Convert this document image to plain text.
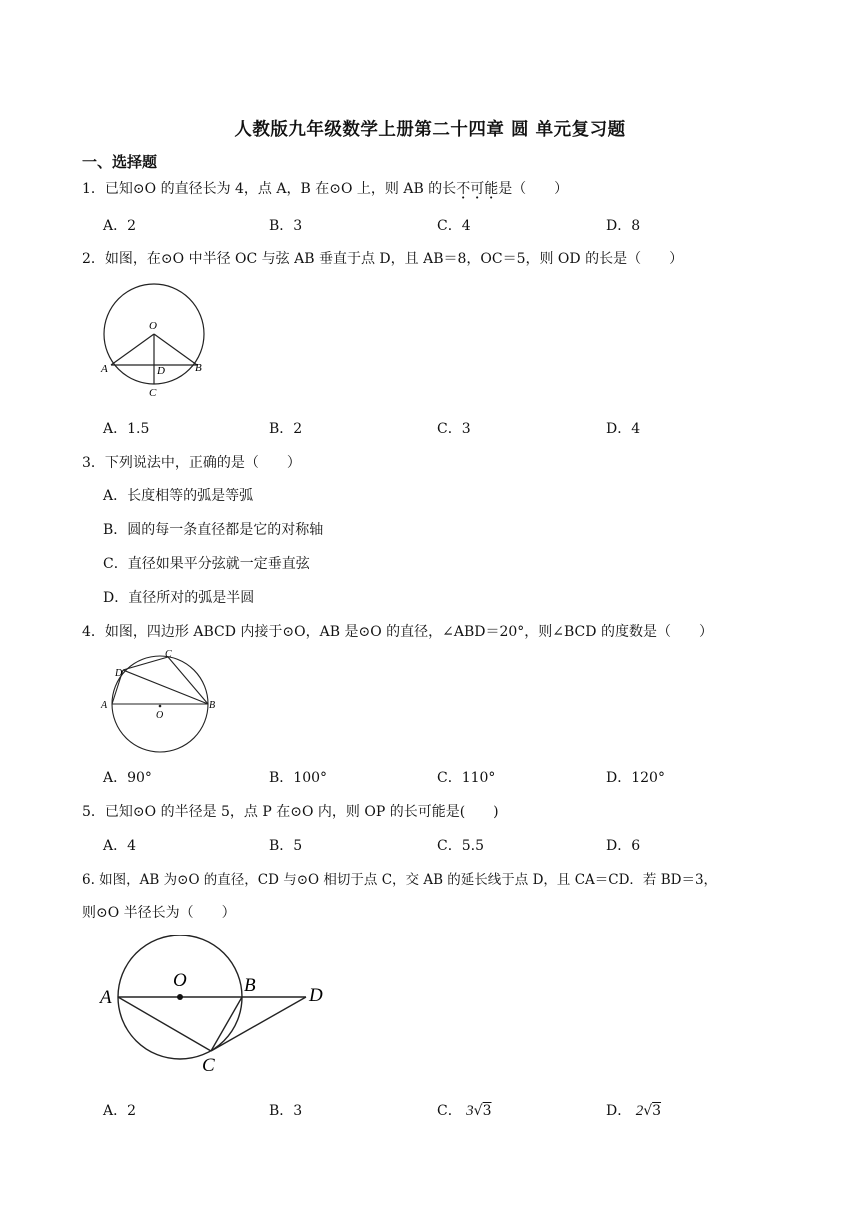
人教版九年级数学上册第二十四章 圆 单元复习题
一、选择题
1．已知⊙O 的直径长为 4，点 A，B 在⊙O 上，则 AB 的长不可能是（　　）
A．2	B．3	C．4	D．8
2．如图，在⊙O 中半径 OC 与弦 AB 垂直于点 D，且 AB＝8，OC＝5，则 OD 的长是（　　）
O
A	D	B
C
A．1.5	B．2	C．3	D．4
3．下列说法中，正确的是（　　）
A．长度相等的弧是等弧
B．圆的每一条直径都是它的对称轴
C．直径如果平分弦就一定垂直弦
D．直径所对的弧是半圆
4．如图，四边形 ABCD 内接于⊙O，AB 是⊙O 的直径，∠ABD＝20°，则∠BCD 的度数是（　　）
C
D
A
O
B
A．90°	B．100°	C．110°	D．120°
5．已知⊙O 的半径是 5，点 P 在⊙O 内，则 OP 的长可能是(　　)
A．4	B．5	C．5.5	D．6
6. 如图，AB 为⊙O 的直径，CD 与⊙O 相切于点 C，交 AB 的延长线于点 D，且 CA＝CD．若 BD＝3，
则⊙O 半径长为（　　）
O
A
B	D
C
A．2	B．3	C． 3√3	D． 2√3
